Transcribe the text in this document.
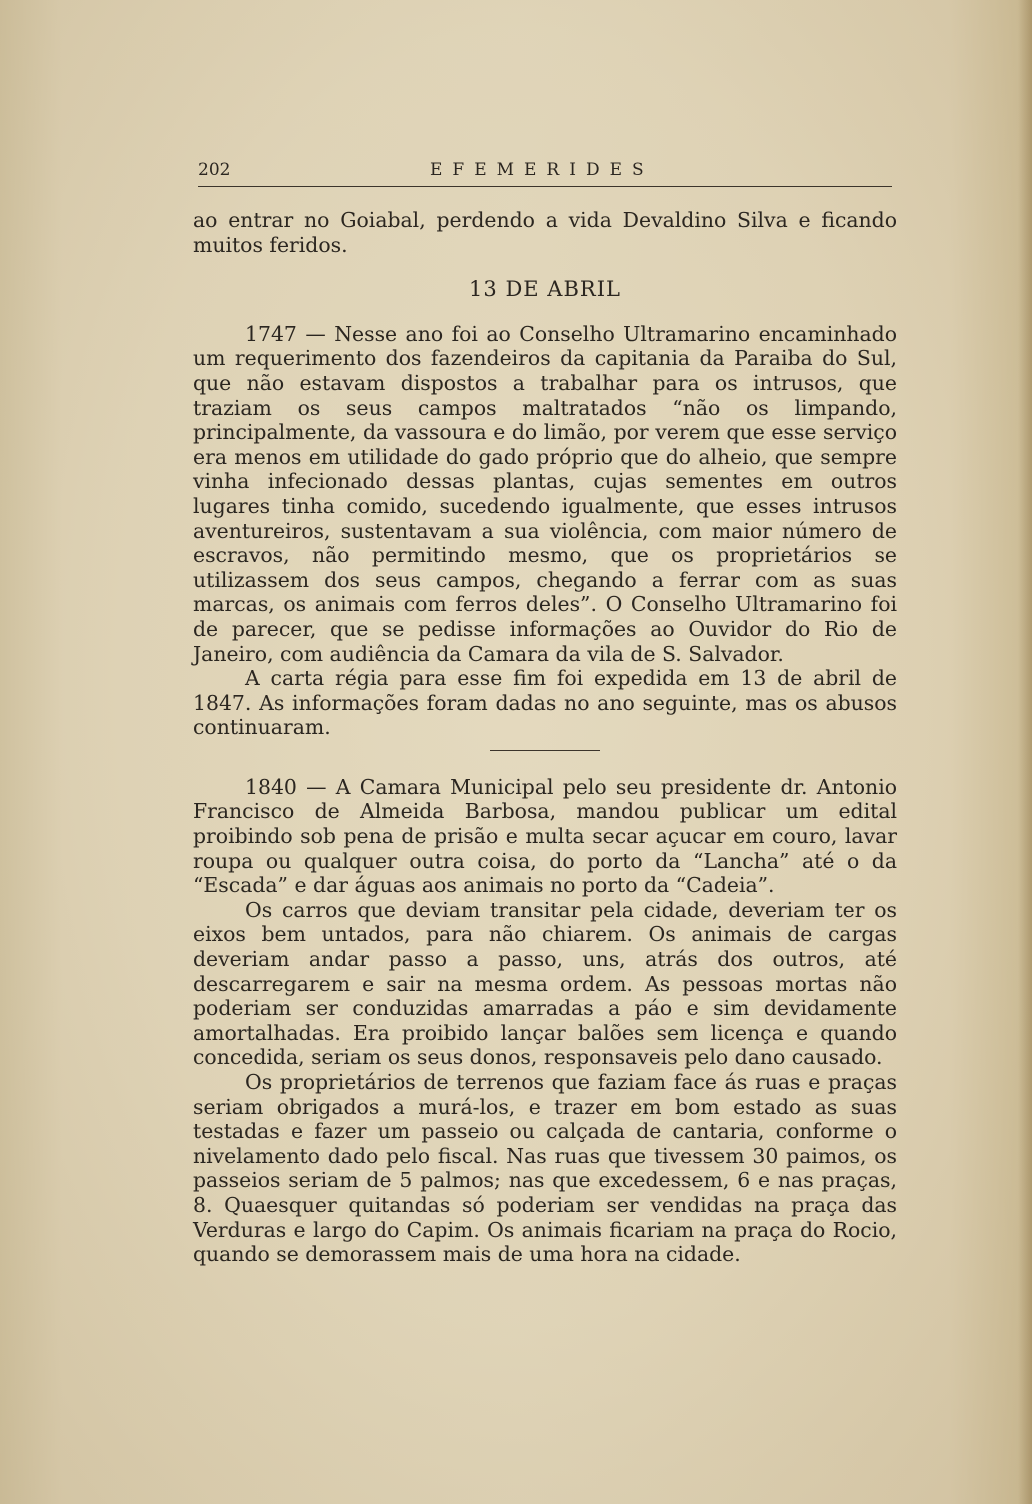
202	EFEMERIDES

ao entrar no Goiabal, perdendo a vida Devaldino Silva e ficando muitos feridos.

13 DE ABRIL

1747 — Nesse ano foi ao Conselho Ultramarino encaminhado um requerimento dos fazendeiros da capitania da Paraiba do Sul, que não estavam dispostos a trabalhar para os intrusos, que traziam os seus campos maltratados “não os limpando, principalmente, da vassoura e do limão, por verem que esse serviço era menos em utilidade do gado próprio que do alheio, que sempre vinha infecionado dessas plantas, cujas sementes em outros lugares tinha comido, sucedendo igualmente, que esses intrusos aventureiros, sustentavam a sua violência, com maior número de escravos, não permitindo mesmo, que os proprietários se utilizassem dos seus campos, chegando a ferrar com as suas marcas, os animais com ferros deles”. O Conselho Ultramarino foi de parecer, que se pedisse informações ao Ouvidor do Rio de Janeiro, com audiência da Camara da vila de S. Salvador.

A carta régia para esse fim foi expedida em 13 de abril de 1847. As informações foram dadas no ano seguinte, mas os abusos continuaram.

1840 — A Camara Municipal pelo seu presidente dr. Antonio Francisco de Almeida Barbosa, mandou publicar um edital proibindo sob pena de prisão e multa secar açucar em couro, lavar roupa ou qualquer outra coisa, do porto da “Lancha” até o da “Escada” e dar águas aos animais no porto da “Cadeia”.

Os carros que deviam transitar pela cidade, deveriam ter os eixos bem untados, para não chiarem. Os animais de cargas deveriam andar passo a passo, uns, atrás dos outros, até descarregarem e sair na mesma ordem. As pessoas mortas não poderiam ser conduzidas amarradas a páo e sim devidamente amortalhadas. Era proibido lançar balões sem licença e quando concedida, seriam os seus donos, responsaveis pelo dano causado.

Os proprietários de terrenos que faziam face ás ruas e praças seriam obrigados a murá-los, e trazer em bom estado as suas testadas e fazer um passeio ou calçada de cantaria, conforme o nivelamento dado pelo fiscal. Nas ruas que tivessem 30 paimos, os passeios seriam de 5 palmos; nas que excedessem, 6 e nas praças, 8. Quaesquer quitandas só poderiam ser vendidas na praça das Verduras e largo do Capim. Os animais ficariam na praça do Rocio, quando se demorassem mais de uma hora na cidade.
